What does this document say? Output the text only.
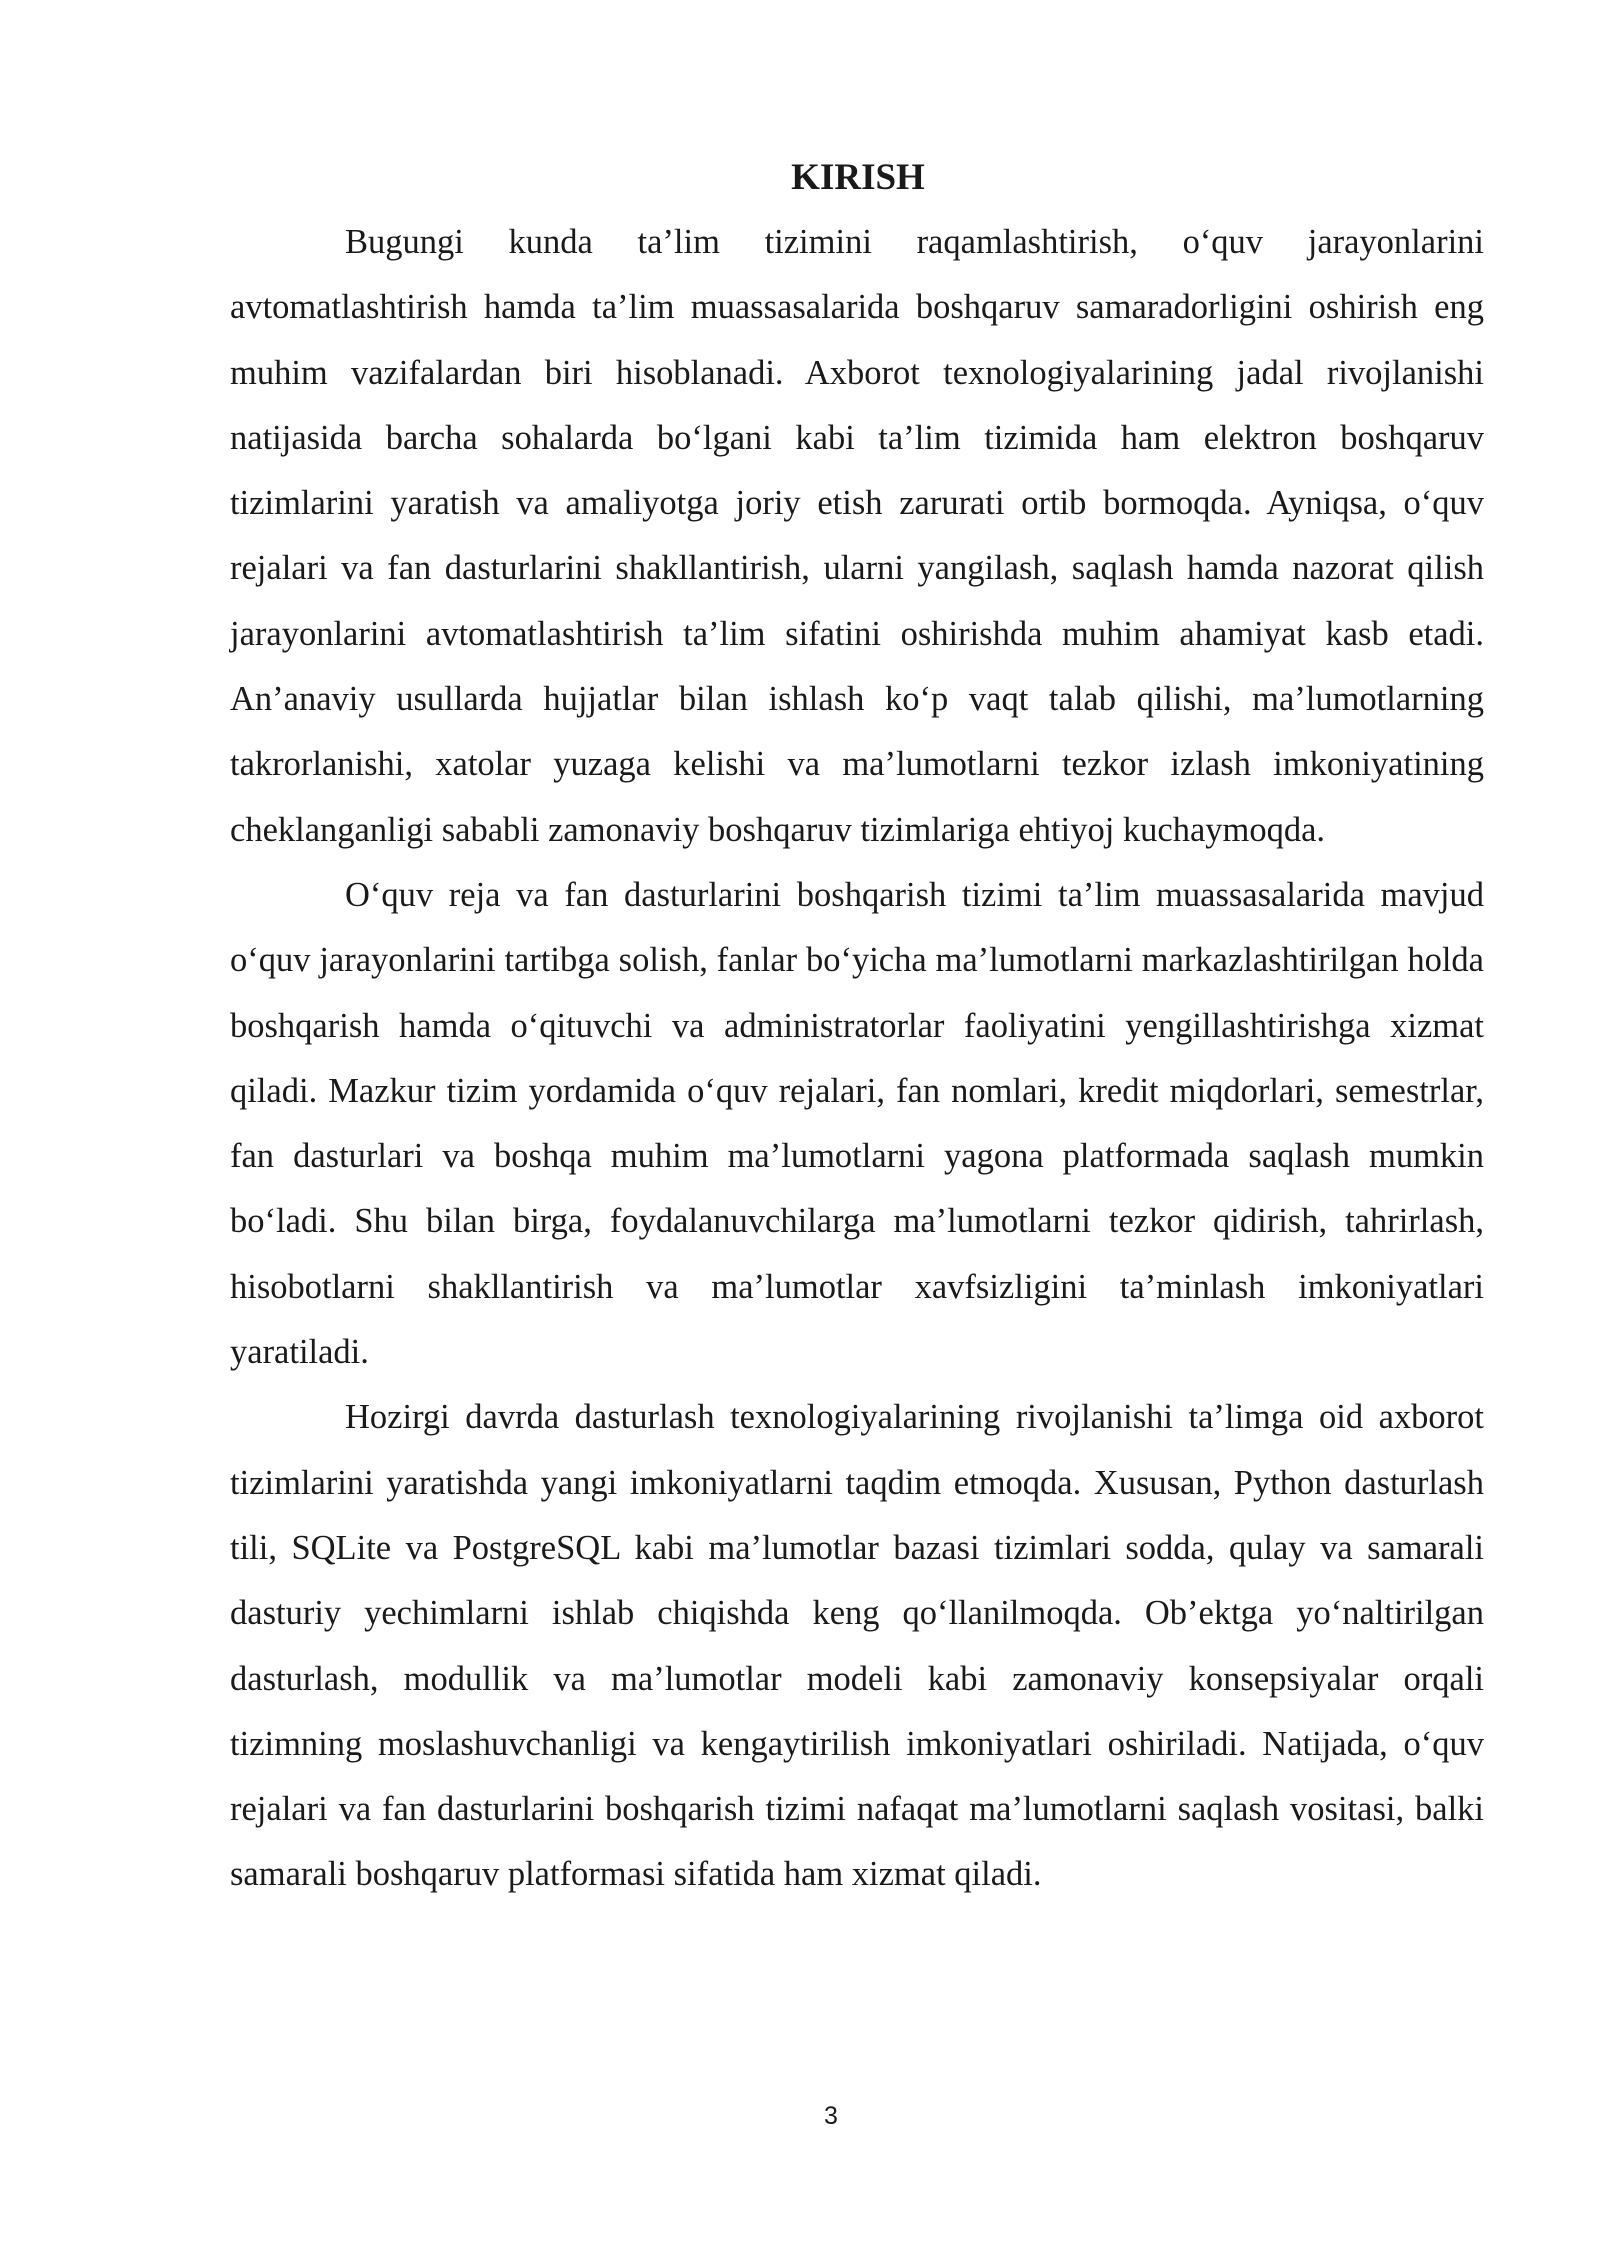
KIRISH

Bugungi kunda ta’lim tizimini raqamlashtirish, o‘quv jarayonlarini avtomatlashtirish hamda ta’lim muassasalarida boshqaruv samaradorligini oshirish eng muhim vazifalardan biri hisoblanadi. Axborot texnologiyalarining jadal rivojlanishi natijasida barcha sohalarda bo‘lgani kabi ta’lim tizimida ham elektron boshqaruv tizimlarini yaratish va amaliyotga joriy etish zarurati ortib bormoqda. Ayniqsa, o‘quv rejalari va fan dasturlarini shakllantirish, ularni yangilash, saqlash hamda nazorat qilish jarayonlarini avtomatlashtirish ta’lim sifatini oshirishda muhim ahamiyat kasb etadi. An’anaviy usullarda hujjatlar bilan ishlash ko‘p vaqt talab qilishi, ma’lumotlarning takrorlanishi, xatolar yuzaga kelishi va ma’lumotlarni tezkor izlash imkoniyatining cheklanganligi sababli zamonaviy boshqaruv tizimlariga ehtiyoj kuchaymoqda.

O‘quv reja va fan dasturlarini boshqarish tizimi ta’lim muassasalarida mavjud o‘quv jarayonlarini tartibga solish, fanlar bo‘yicha ma’lumotlarni markazlashtirilgan holda boshqarish hamda o‘qituvchi va administratorlar faoliyatini yengillashtirishga xizmat qiladi. Mazkur tizim yordamida o‘quv rejalari, fan nomlari, kredit miqdorlari, semestrlar, fan dasturlari va boshqa muhim ma’lumotlarni yagona platformada saqlash mumkin bo‘ladi. Shu bilan birga, foydalanuvchilarga ma’lumotlarni tezkor qidirish, tahrirlash, hisobotlarni shakllantirish va ma’lumotlar xavfsizligini ta’minlash imkoniyatlari yaratiladi.

Hozirgi davrda dasturlash texnologiyalarining rivojlanishi ta’limga oid axborot tizimlarini yaratishda yangi imkoniyatlarni taqdim etmoqda. Xususan, Python dasturlash tili, SQLite va PostgreSQL kabi ma’lumotlar bazasi tizimlari sodda, qulay va samarali dasturiy yechimlarni ishlab chiqishda keng qo‘llanilmoqda. Ob’ektga yo‘naltirilgan dasturlash, modullik va ma’lumotlar modeli kabi zamonaviy konsepsiyalar orqali tizimning moslashuvchanligi va kengaytirilish imkoniyatlari oshiriladi. Natijada, o‘quv rejalari va fan dasturlarini boshqarish tizimi nafaqat ma’lumotlarni saqlash vositasi, balki samarali boshqaruv platformasi sifatida ham xizmat qiladi.

3
